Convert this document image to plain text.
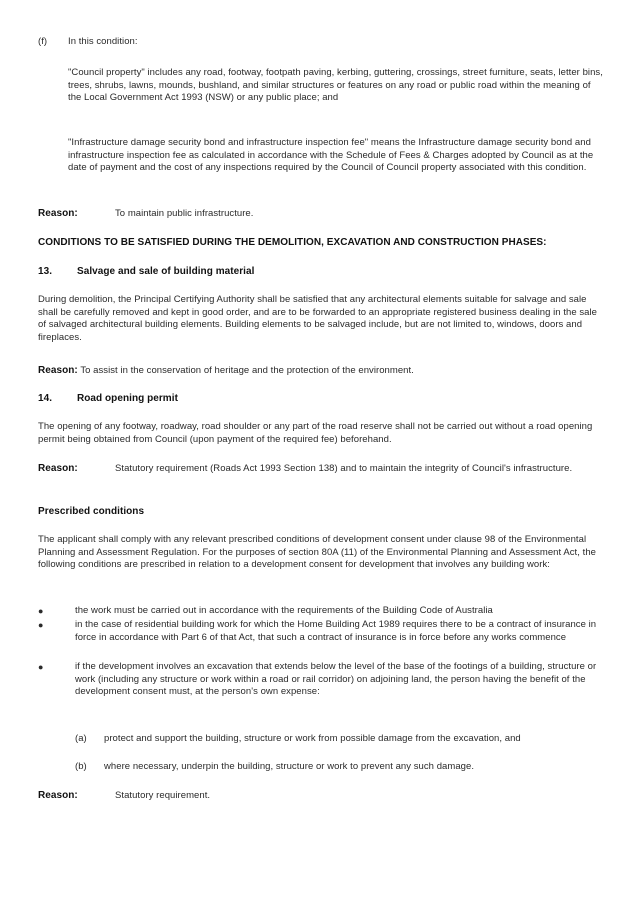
(f) In this condition:
"Council property" includes any road, footway, footpath paving, kerbing, guttering, crossings, street furniture, seats, letter bins, trees, shrubs, lawns, mounds, bushland, and similar structures or features on any road or public road within the meaning of the Local Government Act 1993 (NSW) or any public place; and
"Infrastructure damage security bond and infrastructure inspection fee" means the Infrastructure damage security bond and infrastructure inspection fee as calculated in accordance with the Schedule of Fees & Charges adopted by Council as at the date of payment and the cost of any inspections required by the Council of Council property associated with this condition.
Reason:	To maintain public infrastructure.
CONDITIONS TO BE SATISFIED DURING THE DEMOLITION, EXCAVATION AND CONSTRUCTION PHASES:
13. Salvage and sale of building material
During demolition, the Principal Certifying Authority shall be satisfied that any architectural elements suitable for salvage and sale shall be carefully removed and kept in good order, and are to be forwarded to an appropriate registered business dealing in the sale of salvaged architectural building elements. Building elements to be salvaged include, but are not limited to, windows, doors and fireplaces.
Reason: To assist in the conservation of heritage and the protection of the environment.
14. Road opening permit
The opening of any footway, roadway, road shoulder or any part of the road reserve shall not be carried out without a road opening permit being obtained from Council (upon payment of the required fee) beforehand.
Reason:	Statutory requirement (Roads Act 1993 Section 138) and to maintain the integrity of Council's infrastructure.
Prescribed conditions
The applicant shall comply with any relevant prescribed conditions of development consent under clause 98 of the Environmental Planning and Assessment Regulation. For the purposes of section 80A (11) of the Environmental Planning and Assessment Act, the following conditions are prescribed in relation to a development consent for development that involves any building work:
●	the work must be carried out in accordance with the requirements of the Building Code of Australia
●	in the case of residential building work for which the Home Building Act 1989 requires there to be a contract of insurance in force in accordance with Part 6 of that Act, that such a contract of insurance is in force before any works commence
●	if the development involves an excavation that extends below the level of the base of the footings of a building, structure or work (including any structure or work within a road or rail corridor) on adjoining land, the person having the benefit of the development consent must, at the person's own expense:
(a) protect and support the building, structure or work from possible damage from the excavation, and
(b) where necessary, underpin the building, structure or work to prevent any such damage.
Reason:	Statutory requirement.
